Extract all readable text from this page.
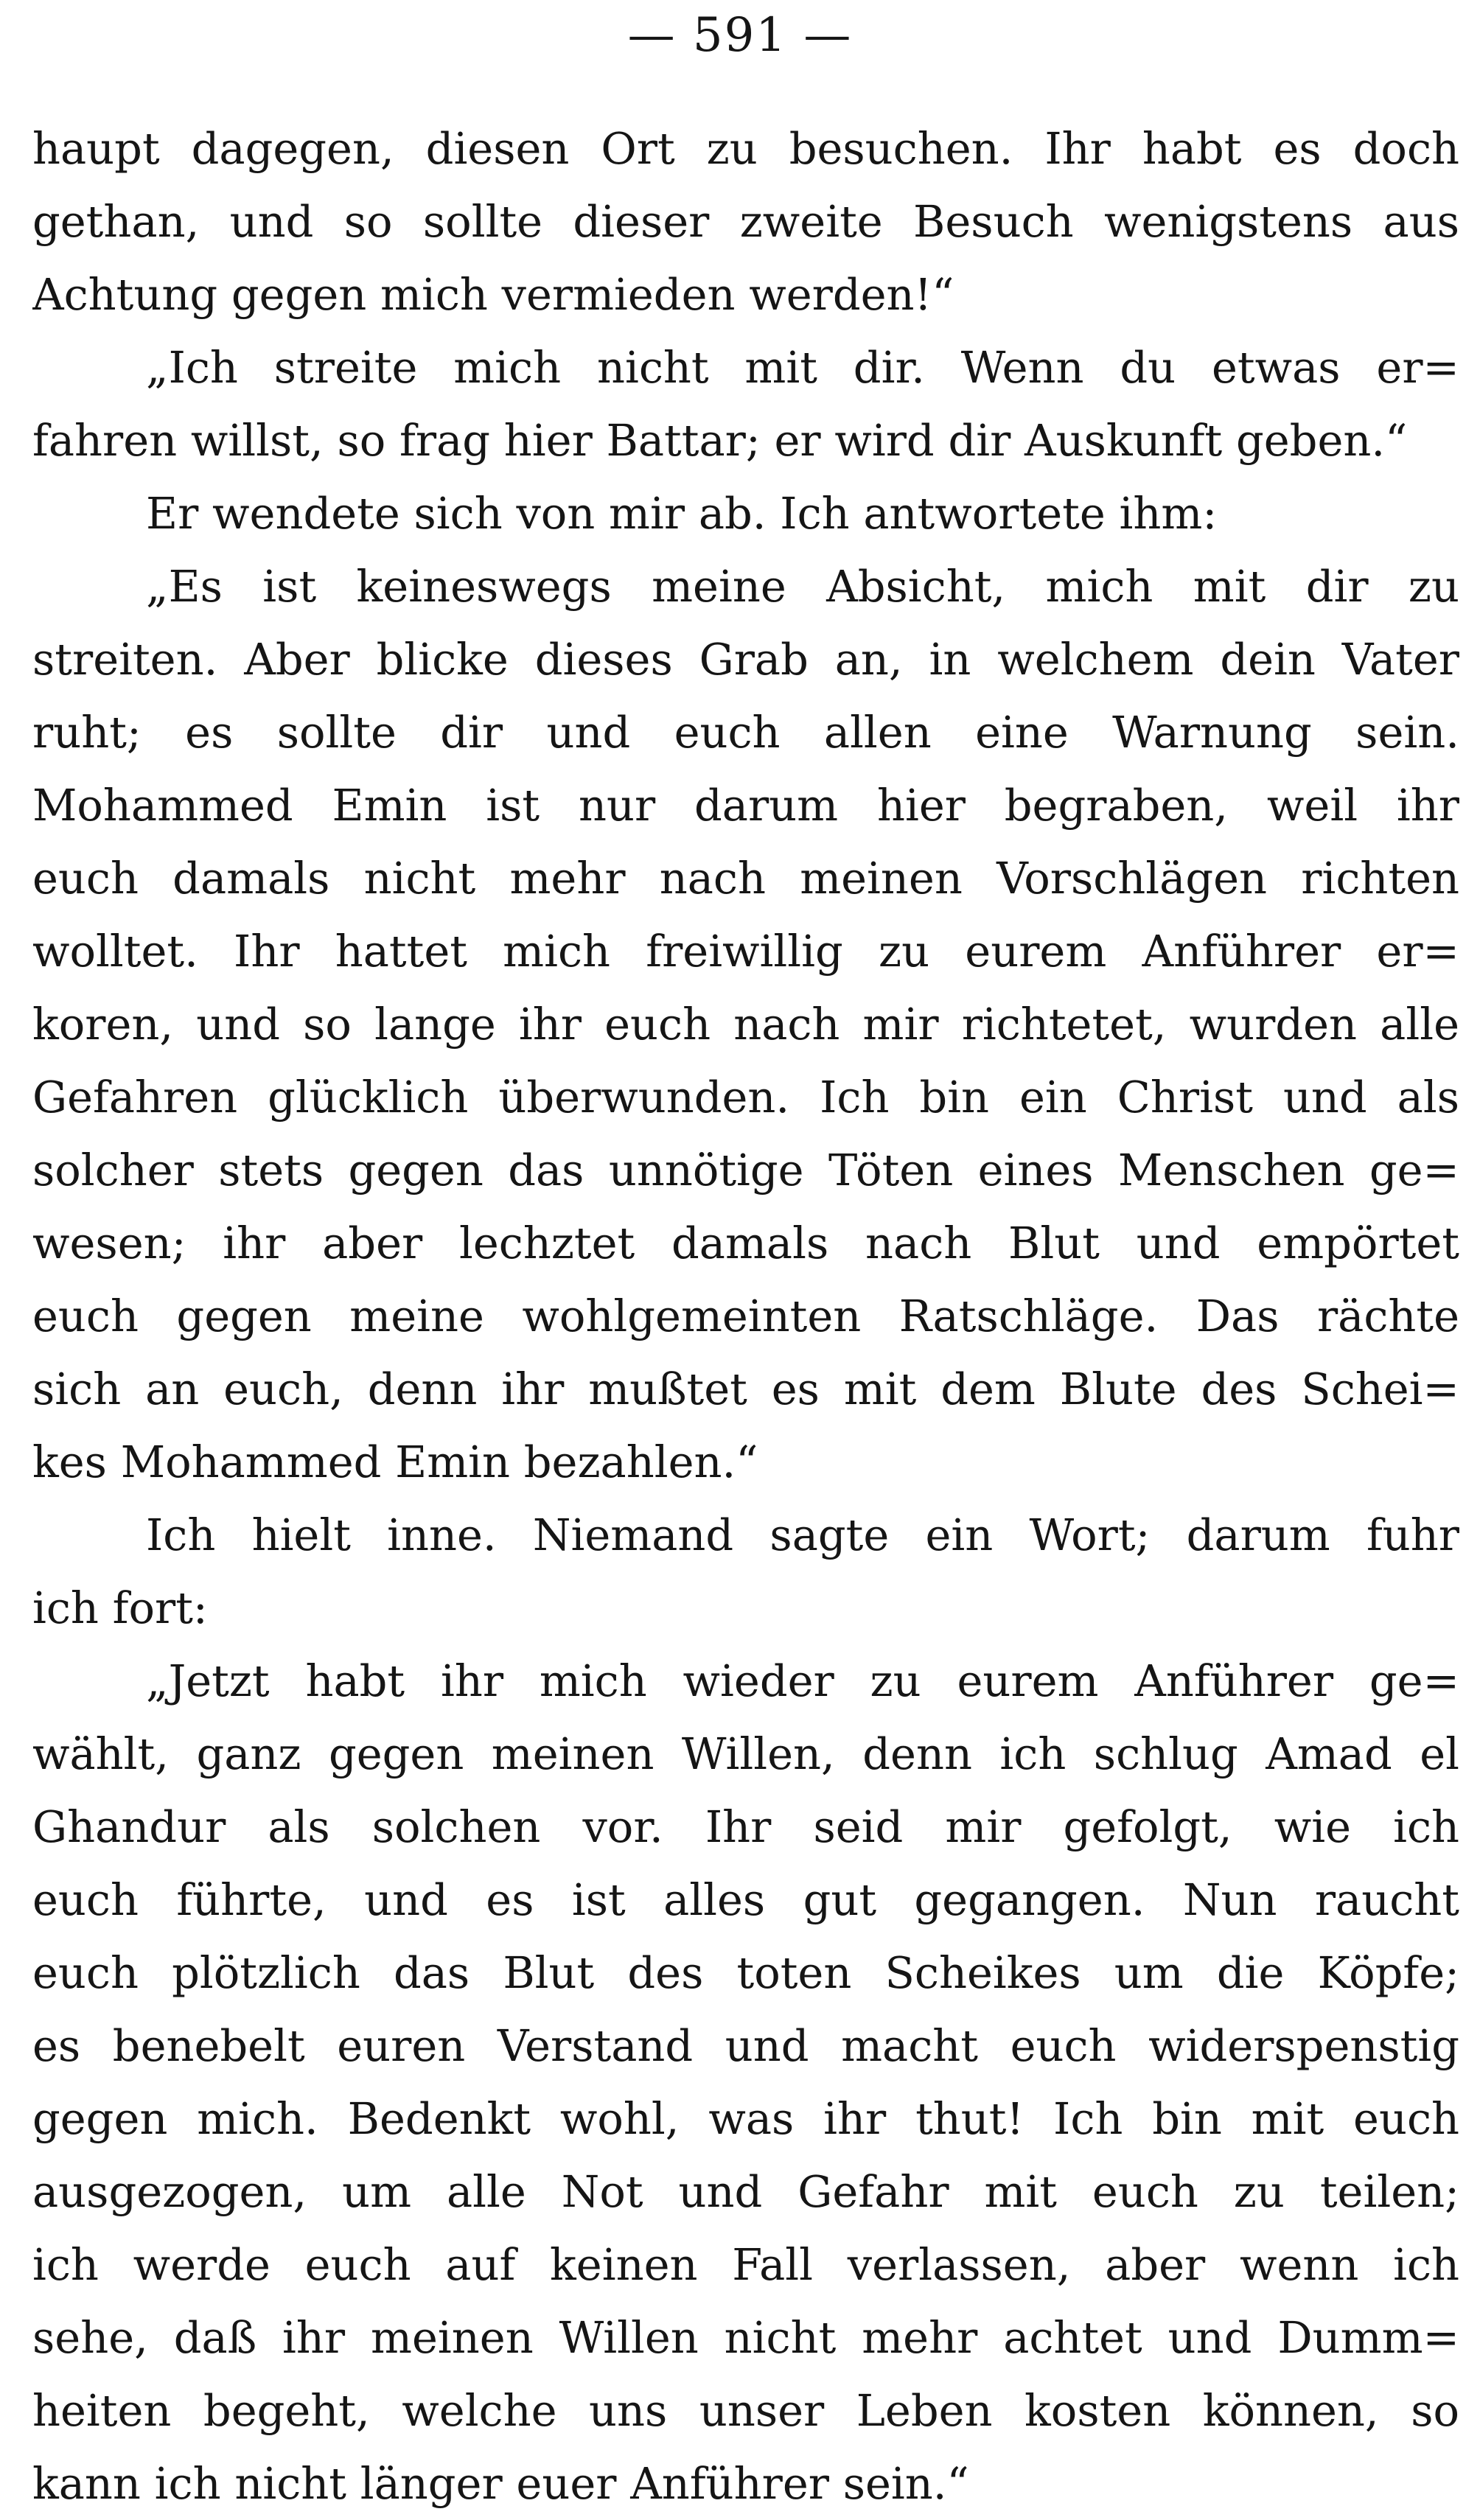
— 591 —
haupt dagegen, diesen Ort zu besuchen. Ihr habt es doch
gethan, und so sollte dieser zweite Besuch wenigstens aus
Achtung gegen mich vermieden werden!“
„Ich streite mich nicht mit dir. Wenn du etwas er=
fahren willst, so frag hier Battar; er wird dir Auskunft geben.“
Er wendete sich von mir ab. Ich antwortete ihm:
„Es ist keineswegs meine Absicht, mich mit dir zu
streiten. Aber blicke dieses Grab an, in welchem dein Vater
ruht; es sollte dir und euch allen eine Warnung sein.
Mohammed Emin ist nur darum hier begraben, weil ihr
euch damals nicht mehr nach meinen Vorschlägen richten
wolltet. Ihr hattet mich freiwillig zu eurem Anführer er=
koren, und so lange ihr euch nach mir richtetet, wurden alle
Gefahren glücklich überwunden. Ich bin ein Christ und als
solcher stets gegen das unnötige Töten eines Menschen ge=
wesen; ihr aber lechztet damals nach Blut und empörtet
euch gegen meine wohlgemeinten Ratschläge. Das rächte
sich an euch, denn ihr mußtet es mit dem Blute des Schei=
kes Mohammed Emin bezahlen.“
Ich hielt inne. Niemand sagte ein Wort; darum fuhr
ich fort:
„Jetzt habt ihr mich wieder zu eurem Anführer ge=
wählt, ganz gegen meinen Willen, denn ich schlug Amad el
Ghandur als solchen vor. Ihr seid mir gefolgt, wie ich
euch führte, und es ist alles gut gegangen. Nun raucht
euch plötzlich das Blut des toten Scheikes um die Köpfe;
es benebelt euren Verstand und macht euch widerspenstig
gegen mich. Bedenkt wohl, was ihr thut! Ich bin mit euch
ausgezogen, um alle Not und Gefahr mit euch zu teilen;
ich werde euch auf keinen Fall verlassen, aber wenn ich
sehe, daß ihr meinen Willen nicht mehr achtet und Dumm=
heiten begeht, welche uns unser Leben kosten können, so
kann ich nicht länger euer Anführer sein.“
